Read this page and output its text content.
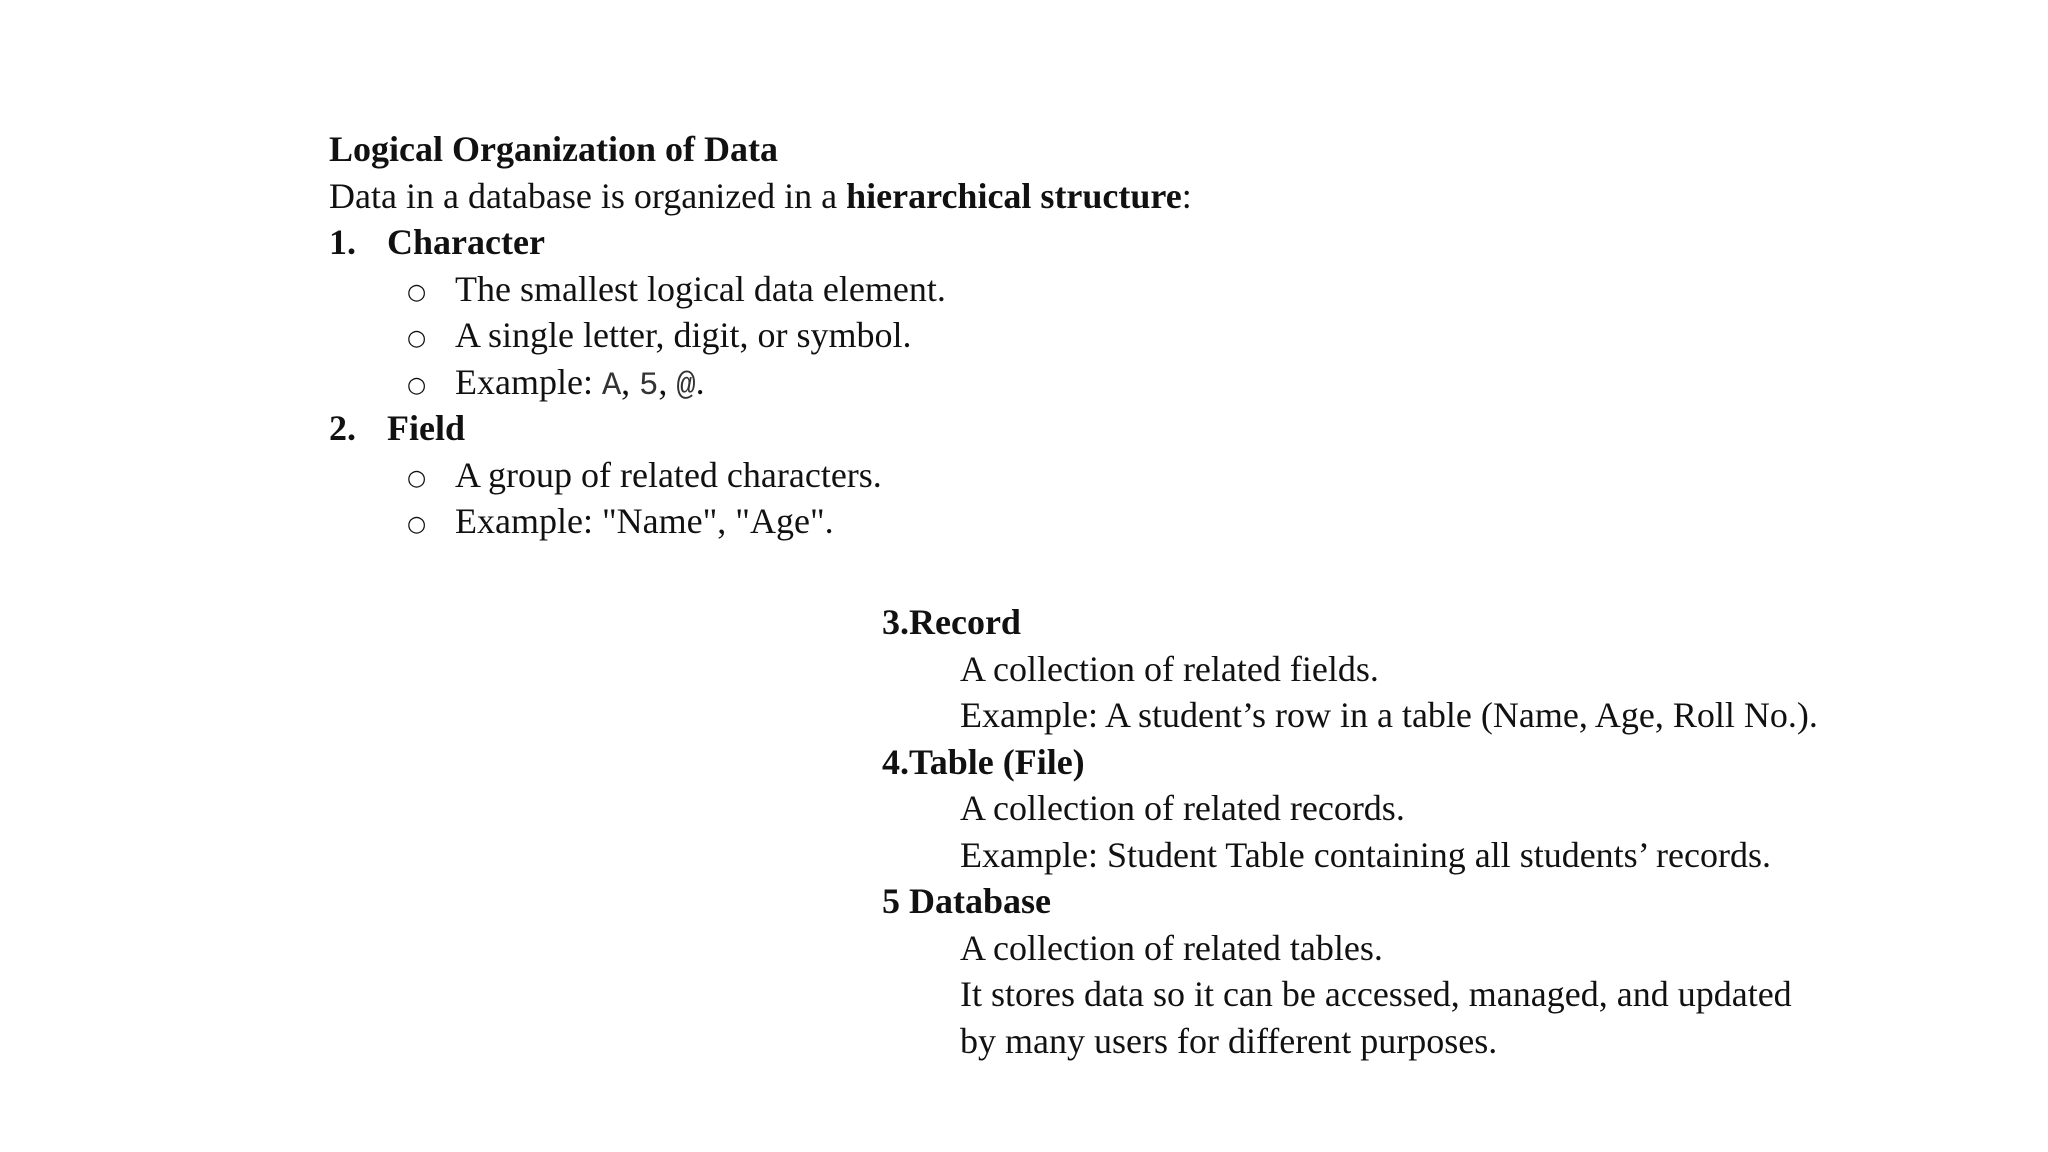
Logical Organization of Data
Data in a database is organized in a hierarchical structure:
1. Character
○ The smallest logical data element.
○ A single letter, digit, or symbol.
○ Example: A, 5, @.
2. Field
○ A group of related characters.
○ Example: "Name", "Age".
3.Record
A collection of related fields.
Example: A student’s row in a table (Name, Age, Roll No.).
4.Table (File)
A collection of related records.
Example: Student Table containing all students’ records.
5 Database
A collection of related tables.
It stores data so it can be accessed, managed, and updated
by many users for different purposes.
